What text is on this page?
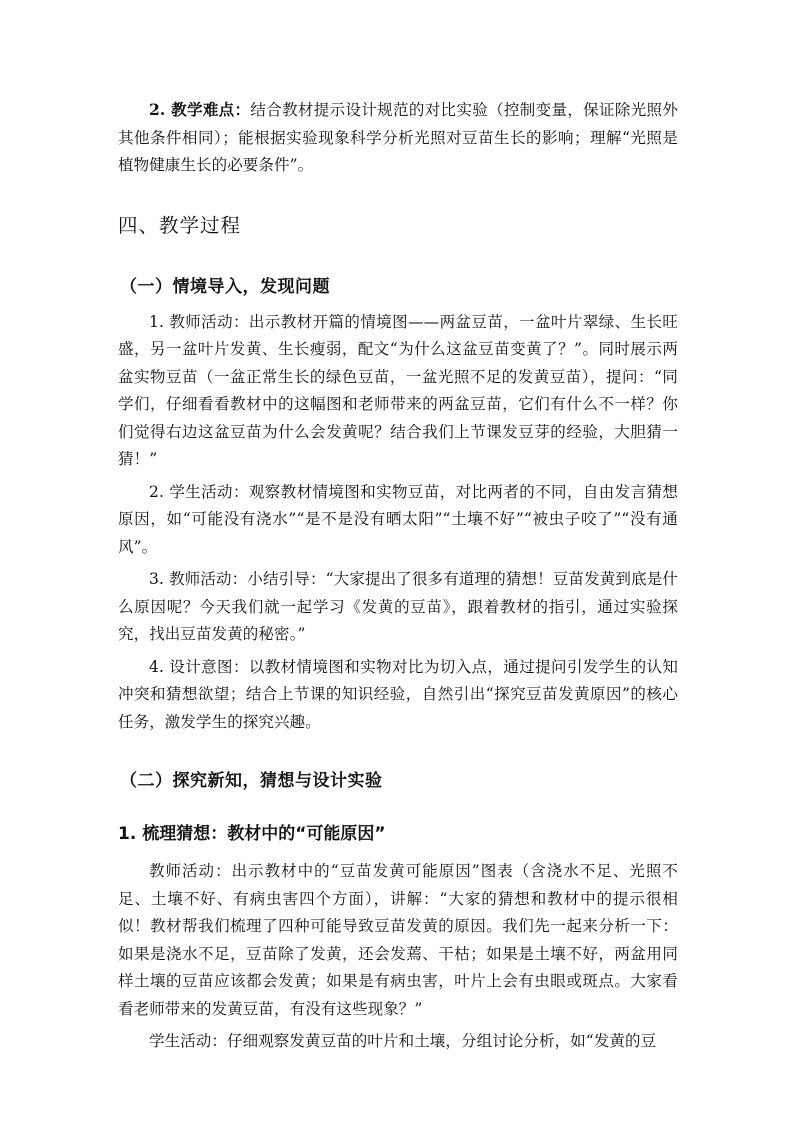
2. 教学难点：结合教材提示设计规范的对比实验（控制变量，保证除光照外其他条件相同）；能根据实验现象科学分析光照对豆苗生长的影响；理解“光照是植物健康生长的必要条件”。

四、教学过程
（一）情境导入，发现问题

1. 教师活动：出示教材开篇的情境图——两盆豆苗，一盆叶片翠绿、生长旺盛，另一盆叶片发黄、生长瘦弱，配文“为什么这盆豆苗变黄了？”。同时展示两盆实物豆苗（一盆正常生长的绿色豆苗，一盆光照不足的发黄豆苗），提问：“同学们，仔细看看教材中的这幅图和老师带来的两盆豆苗，它们有什么不一样？你们觉得右边这盆豆苗为什么会发黄呢？结合我们上节课发豆芽的经验，大胆猜一猜！”

2. 学生活动：观察教材情境图和实物豆苗，对比两者的不同，自由发言猜想原因，如“可能没有浇水”“是不是没有晒太阳”“土壤不好”“被虫子咬了”“没有通风”。

3. 教师活动：小结引导：“大家提出了很多有道理的猜想！豆苗发黄到底是什么原因呢？今天我们就一起学习《发黄的豆苗》，跟着教材的指引，通过实验探究，找出豆苗发黄的秘密。”

4. 设计意图：以教材情境图和实物对比为切入点，通过提问引发学生的认知冲突和猜想欲望；结合上节课的知识经验，自然引出“探究豆苗发黄原因”的核心任务，激发学生的探究兴趣。

（二）探究新知，猜想与设计实验
1. 梳理猜想：教材中的“可能原因”

教师活动：出示教材中的“豆苗发黄可能原因”图表（含浇水不足、光照不足、土壤不好、有病虫害四个方面），讲解：“大家的猜想和教材中的提示很相似！教材帮我们梳理了四种可能导致豆苗发黄的原因。我们先一起来分析一下：如果是浇水不足，豆苗除了发黄，还会发蔫、干枯；如果是土壤不好，两盆用同样土壤的豆苗应该都会发黄；如果是有病虫害，叶片上会有虫眼或斑点。大家看看老师带来的发黄豆苗，有没有这些现象？”

学生活动：仔细观察发黄豆苗的叶片和土壤，分组讨论分析，如“发黄的豆
